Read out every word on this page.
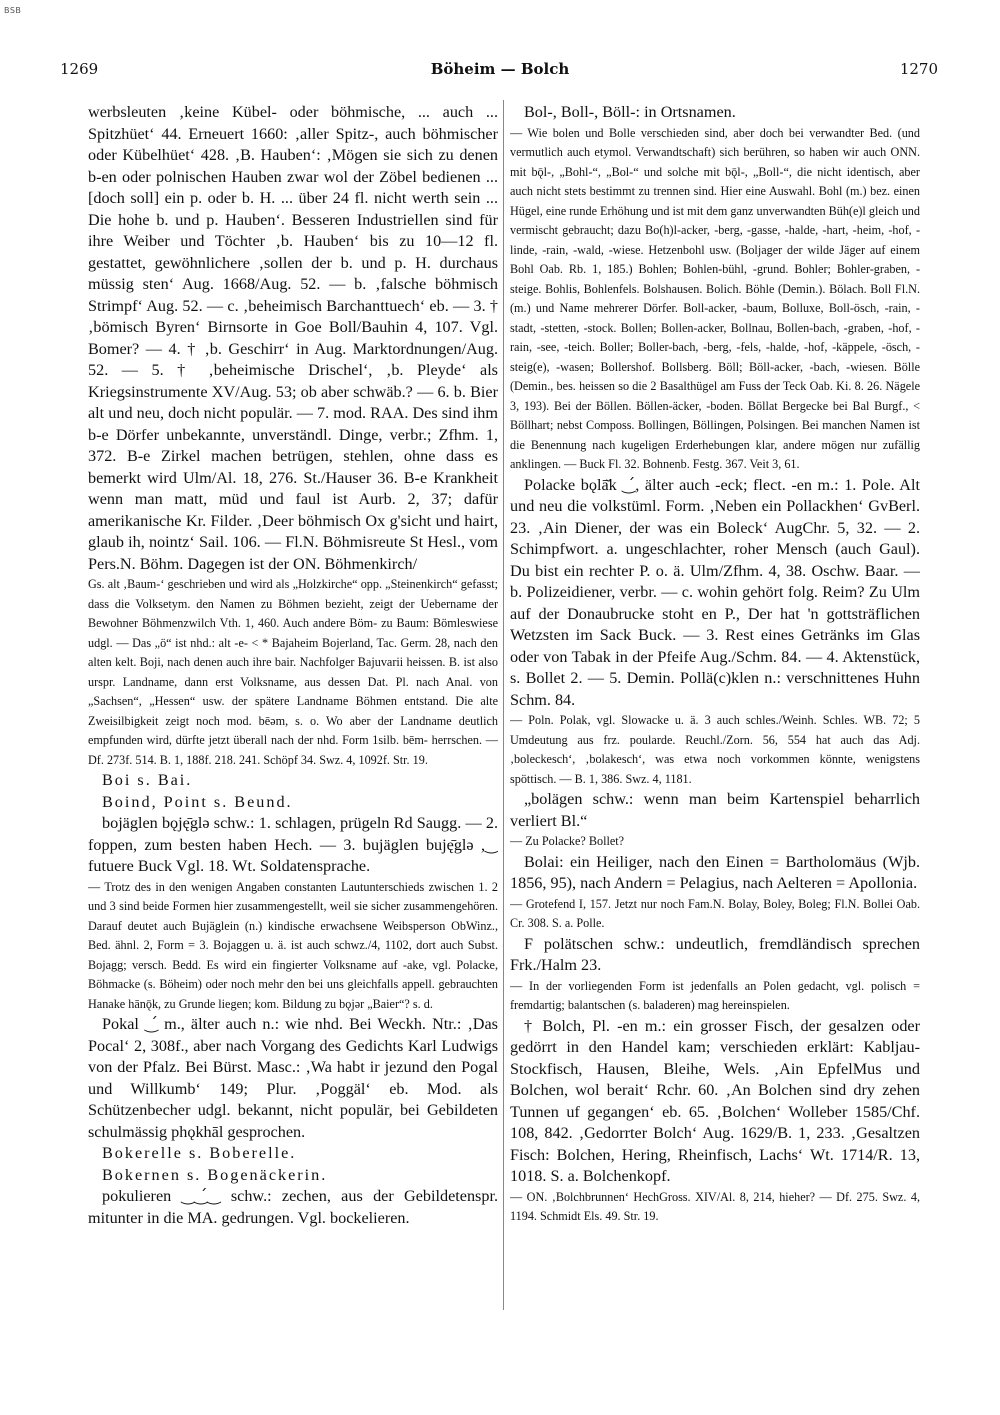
BSB
1269	Böheim — Bolch	1270

werbsleuten ‚keine Kübel- oder böhmische, ... auch ... Spitzhüet‘ 44. Erneuert 1660: ‚aller Spitz-, auch böhmischer oder Kübelhüet‘ 428. ‚B. Hauben‘: ‚Mögen sie sich zu denen b-en oder polnischen Hauben zwar wol der Zöbel bedienen ... [doch soll] ein p. oder b. H. ... über 24 fl. nicht werth sein ... Die hohe b. und p. Hauben‘. Besseren Industriellen sind für ihre Weiber und Töchter ‚b. Hauben‘ bis zu 10—12 fl. gestattet, gewöhnlichere ‚sollen der b. und p. H. durchaus müssig sten‘ Aug. 1668/Aug. 52. — b. ‚falsche böhmisch Strimpf‘ Aug. 52. — c. ‚beheimisch Barchanttuech‘ eb. — 3. † ‚bömisch Byren‘ Birnsorte in Goe Boll/Bauhin 4, 107. Vgl. Bomer? — 4. † ‚b. Geschirr‘ in Aug. Marktordnungen/Aug. 52. — 5. † ‚beheimische Drischel‘, ‚b. Pleyde‘ als Kriegsinstrumente XV/Aug. 53; ob aber schwäb.? — 6. b. Bier alt und neu, doch nicht populär. — 7. mod. RAA. Des sind ihm b-e Dörfer unbekannte, unverständl. Dinge, verbr.; Zfhm. 1, 372. B-e Zirkel machen betrügen, stehlen, ohne dass es bemerkt wird Ulm/Al. 18, 276. St./Hauser 36. B-e Krankheit wenn man matt, müd und faul ist Aurb. 2, 37; dafür amerikanische Kr. Filder. ‚Deer böhmisch Ox g'sicht und hairt, glaub ih, nointz‘ Sail. 106. — Fl.N. Böhmisreute St Hesl., vom Pers.N. Böhm. Dagegen ist der ON. Böhmenkirch/

Gs. alt ‚Baum-‘ geschrieben und wird als „Holzkirche“ opp. „Steinenkirch“ gefasst; dass die Volksetym. den Namen zu Böhmen bezieht, zeigt der Uebername der Bewohner Böhmenzwilch Vth. 1, 460. Auch andere Böm- zu Baum: Bömleswiese udgl. — Das „ö“ ist nhd.: alt -e- < * Bajaheim Bojerland, Tac. Germ. 28, nach den alten kelt. Boji, nach denen auch ihre bair. Nachfolger Bajuvarii heissen. B. ist also urspr. Landname, dann erst Volksname, aus dessen Dat. Pl. nach Anal. von „Sachsen“, „Hessen“ usw. der spätere Landname Böhmen entstand. Die alte Zweisilbigkeit zeigt noch mod. bēəm, s. o. Wo aber der Landname deutlich empfunden wird, dürfte jetzt überall nach der nhd. Form 1silb. bēm- herrschen. — Df. 273f. 514. B. 1, 188f. 218. 241. Schöpf 34. Swz. 4, 1092f. Str. 19.

Boi s. Bai.

Boind, Point s. Beund.

bojäglen bǫję̄glə schw.: 1. schlagen, prügeln Rd Saugg. — 2. foppen, zum besten haben Hech. — 3. bujäglen buję̄glə ,‿ futuere Buck Vgl. 18. Wt. Soldatensprache.

— Trotz des in den wenigen Angaben constanten Lautunterschieds zwischen 1. 2 und 3 sind beide Formen hier zusammengestellt, weil sie sicher zusammengehören. Darauf deutet auch Bujäglein (n.) kindische erwachsene Weibsperson ObWinz., Bed. ähnl. 2, Form = 3. Bojaggen u. ä. ist auch schwz./4, 1102, dort auch Subst. Bojagg; versch. Bedd. Es wird ein fingierter Volksname auf -ake, vgl. Polacke, Böhmacke (s. Böheim) oder noch mehr den bei uns gleichfalls appell. gebrauchten Hanake hānǭk, zu Grunde liegen; kom. Bildung zu bǫjər „Baier“? s. d.

Pokal ‿́ m., älter auch n.: wie nhd. Bei Weckh. Ntr.: ‚Das Pocal‘ 2, 308f., aber nach Vorgang des Gedichts Karl Ludwigs von der Pfalz. Bei Bürst. Masc.: ‚Wa habt ir jezund den Pogal und Willkumb‘ 149; Plur. ‚Poggäl‘ eb. Mod. als Schützenbecher udgl. bekannt, nicht populär, bei Gebildeten schulmässig phǫkhāl gesprochen.

Bokerelle s. Boberelle.

Bokernen s. Bogenäckerin.

pokulieren ‿‿́‿ schw.: zechen, aus der Gebildetenspr. mitunter in die MA. gedrungen. Vgl. bockelieren.

Bol-, Boll-, Böll-: in Ortsnamen.

— Wie bolen und Bolle verschieden sind, aber doch bei verwandter Bed. (und vermutlich auch etymol. Verwandtschaft) sich berühren, so haben wir auch ONN. mit bǭl-, „Bohl-“, „Bol-“ und solche mit bǭl-, „Boll-“, die nicht identisch, aber auch nicht stets bestimmt zu trennen sind. Hier eine Auswahl. Bohl (m.) bez. einen Hügel, eine runde Erhöhung und ist mit dem ganz unverwandten Büh(e)l gleich und vermischt gebraucht; dazu Bo(h)l-acker, -berg, -gasse, -halde, -hart, -heim, -hof, -linde, -rain, -wald, -wiese. Hetzenbohl usw. (Boljager der wilde Jäger auf einem Bohl Oab. Rb. 1, 185.) Bohlen; Bohlen-bühl, -grund. Bohler; Bohler-graben, -steige. Bohlis, Bohlenfels. Bolshausen. Bolich. Böhle (Demin.). Bölach. Boll Fl.N. (m.) und Name mehrerer Dörfer. Boll-acker, -baum, Bolluxe, Boll-ösch, -rain, -stadt, -stetten, -stock. Bollen; Bollen-acker, Bollnau, Bollen-bach, -graben, -hof, -rain, -see, -teich. Boller; Boller-bach, -berg, -fels, -halde, -hof, -käppele, -ösch, -steig(e), -wasen; Bollershof. Bollsberg. Böll; Böll-acker, -bach, -wiesen. Bölle (Demin., bes. heissen so die 2 Basalthügel am Fuss der Teck Oab. Ki. 8. 26. Nägele 3, 193). Bei der Böllen. Böllen-äcker, -boden. Böllat Bergecke bei Bal Burgf., < Böllhart; nebst Composs. Bollingen, Böllingen, Polsingen. Bei manchen Namen ist die Benennung nach kugeligen Erderhebungen klar, andere mögen nur zufällig anklingen. — Buck Fl. 32. Bohnenb. Festg. 367. Veit 3, 61.

Polacke bǫlā̆k ‿́, älter auch -eck; flect. -en m.: 1. Pole. Alt und neu die volkstüml. Form. ‚Neben ein Pollackhen‘ GvBerl. 23. ‚Ain Diener, der was ein Boleck‘ AugChr. 5, 32. — 2. Schimpfwort. a. ungeschlachter, roher Mensch (auch Gaul). Du bist ein rechter P. o. ä. Ulm/Zfhm. 4, 38. Oschw. Baar. — b. Polizeidiener, verbr. — c. wohin gehört folg. Reim? Zu Ulm auf der Donaubrucke stoht en P., Der hat 'n gottsträflichen Wetzsten im Sack Buck. — 3. Rest eines Getränks im Glas oder von Tabak in der Pfeife Aug./Schm. 84. — 4. Aktenstück, s. Bollet 2. — 5. Demin. Pollä(c)klen n.: verschnittenes Huhn Schm. 84.

— Poln. Polak, vgl. Slowacke u. ä. 3 auch schles./Weinh. Schles. WB. 72; 5 Umdeutung aus frz. poularde. Reuchl./Zorn. 56, 554 hat auch das Adj. ‚boleckesch‘, ‚bolakesch‘, was etwa noch vorkommen könnte, wenigstens spöttisch. — B. 1, 386. Swz. 4, 1181.

„bolägen schw.: wenn man beim Kartenspiel beharrlich verliert Bl.“

— Zu Polacke? Bollet?

Bolai: ein Heiliger, nach den Einen = Bartholomäus (Wjb. 1856, 95), nach Andern = Pelagius, nach Aelteren = Apollonia.

— Grotefend I, 157. Jetzt nur noch Fam.N. Bolay, Boley, Boleg; Fl.N. Bollei Oab. Cr. 308. S. a. Polle.

F polätschen schw.: undeutlich, fremdländisch sprechen Frk./Halm 23.

— In der vorliegenden Form ist jedenfalls an Polen gedacht, vgl. polisch = fremdartig; balantschen (s. baladeren) mag hereinspielen.

† Bolch, Pl. -en m.: ein grosser Fisch, der gesalzen oder gedörrt in den Handel kam; verschieden erklärt: Kabljau-Stockfisch, Hausen, Bleihe, Wels. ‚Ain EpfelMus und Bolchen, wol berait‘ Rchr. 60. ‚An Bolchen sind dry zehen Tunnen uf gegangen‘ eb. 65. ‚Bolchen‘ Wolleber 1585/Chf. 108, 842. ‚Gedorrter Bolch‘ Aug. 1629/B. 1, 233. ‚Gesaltzen Fisch: Bolchen, Hering, Rheinfisch, Lachs‘ Wt. 1714/R. 13, 1018. S. a. Bolchenkopf.

— ON. ‚Bolchbrunnen‘ HechGross. XIV/Al. 8, 214, hieher? — Df. 275. Swz. 4, 1194. Schmidt Els. 49. Str. 19.
